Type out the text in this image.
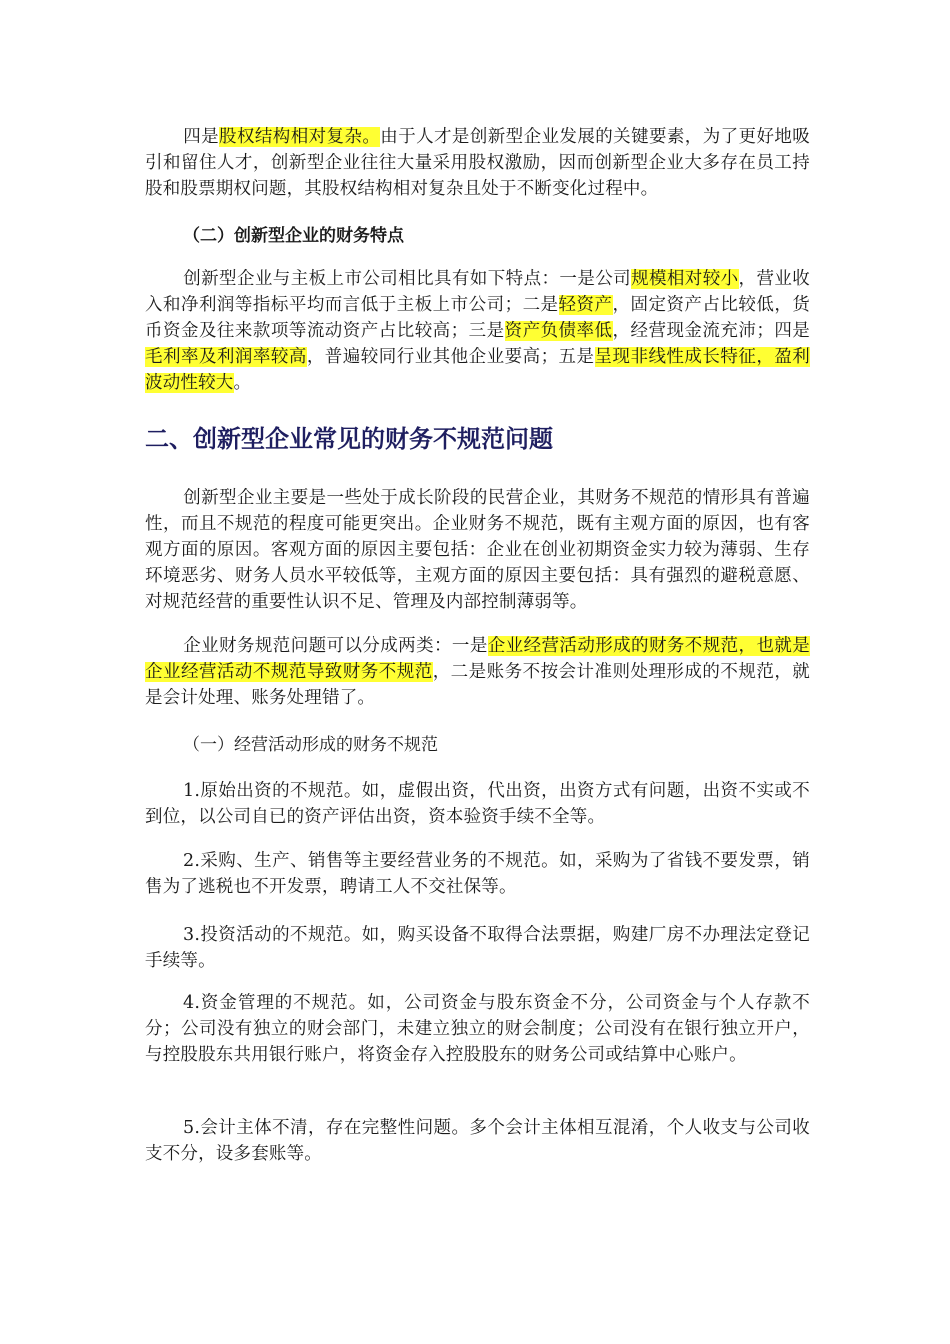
四是股权结构相对复杂。由于人才是创新型企业发展的关键要素，为了更好地吸引和留住人才，创新型企业往往大量采用股权激励，因而创新型企业大多存在员工持股和股票期权问题，其股权结构相对复杂且处于不断变化过程中。

（二）创新型企业的财务特点

创新型企业与主板上市公司相比具有如下特点：一是公司规模相对较小，营业收入和净利润等指标平均而言低于主板上市公司；二是轻资产，固定资产占比较低，货币资金及往来款项等流动资产占比较高；三是资产负债率低，经营现金流充沛；四是毛利率及利润率较高，普遍较同行业其他企业要高；五是呈现非线性成长特征，盈利波动性较大。

二、创新型企业常见的财务不规范问题

创新型企业主要是一些处于成长阶段的民营企业，其财务不规范的情形具有普遍性，而且不规范的程度可能更突出。企业财务不规范，既有主观方面的原因，也有客观方面的原因。客观方面的原因主要包括：企业在创业初期资金实力较为薄弱、生存环境恶劣、财务人员水平较低等，主观方面的原因主要包括：具有强烈的避税意愿、对规范经营的重要性认识不足、管理及内部控制薄弱等。

企业财务规范问题可以分成两类：一是企业经营活动形成的财务不规范，也就是企业经营活动不规范导致财务不规范，二是账务不按会计准则处理形成的不规范，就是会计处理、账务处理错了。

（一）经营活动形成的财务不规范

1.原始出资的不规范。如，虚假出资，代出资，出资方式有问题，出资不实或不到位，以公司自已的资产评估出资，资本验资手续不全等。

2.采购、生产、销售等主要经营业务的不规范。如，采购为了省钱不要发票，销售为了逃税也不开发票，聘请工人不交社保等。

3.投资活动的不规范。如，购买设备不取得合法票据，购建厂房不办理法定登记手续等。

4.资金管理的不规范。如，公司资金与股东资金不分，公司资金与个人存款不分；公司没有独立的财会部门，未建立独立的财会制度；公司没有在银行独立开户，与控股股东共用银行账户，将资金存入控股股东的财务公司或结算中心账户。

5.会计主体不清，存在完整性问题。多个会计主体相互混淆，个人收支与公司收支不分，设多套账等。
